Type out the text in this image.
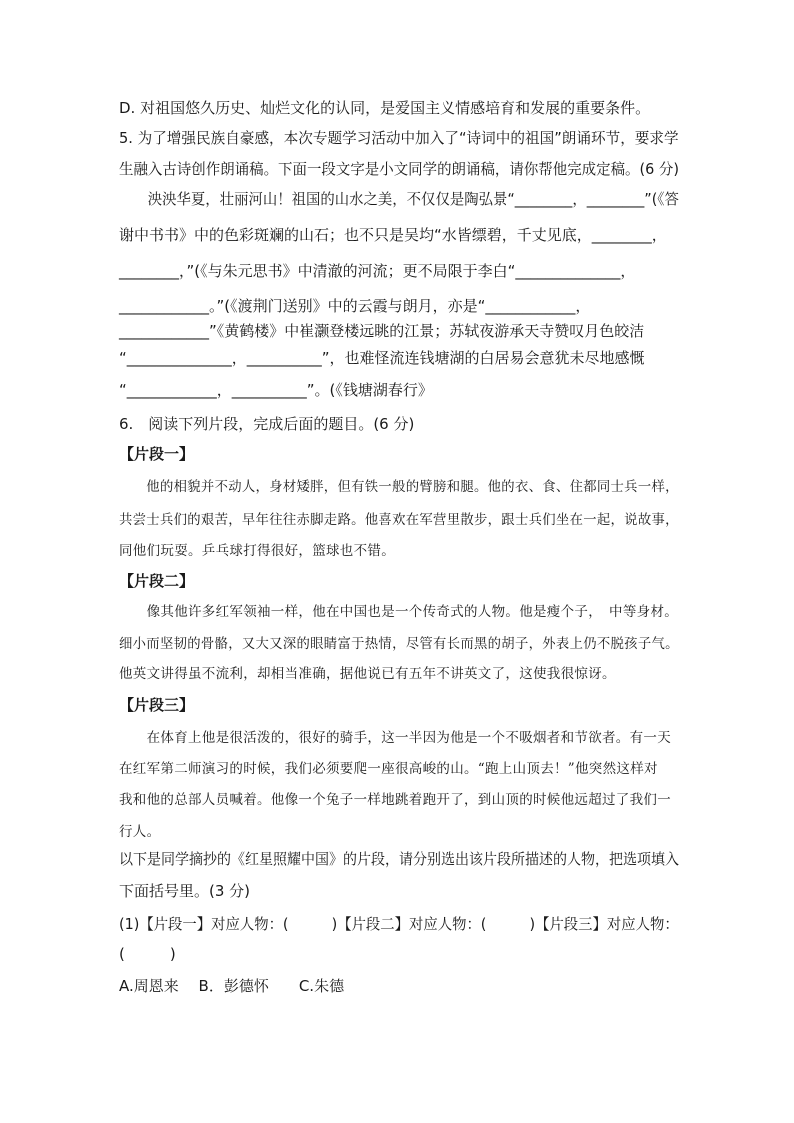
D. 对祖国悠久历史、灿烂文化的认同，是爱国主义情感培育和发展的重要条件。
5. 为了增强民族自豪感，本次专题学习活动中加入了“诗词中的祖国”朗诵环节，要求学
生融入古诗创作朗诵稿。下面一段文字是小文同学的朗诵稿，请你帮他完成定稿。(6 分)
　　泱泱华夏，壮丽河山！祖国的山水之美，不仅仅是陶弘景“________，________”(《答
谢中书书》中的色彩斑斓的山石；也不只是吴均“水皆缥碧，千丈见底，________，
________，”(《与朱元思书》中清澈的河流；更不局限于李白“______________，
____________。”(《渡荆门送别》中的云霞与朗月，亦是“____________，
____________”《黄鹤楼》中崔灏登楼远眺的江景；苏轼夜游承天寺赞叹月色皎洁
“______________，__________”，也难怪流连钱塘湖的白居易会意犹未尽地感慨
“____________，__________”。(《钱塘湖春行》
6.　阅读下列片段，完成后面的题目。(6 分)
【片段一】
　　他的相貌并不动人，身材矮胖，但有铁一般的臂膀和腿。他的衣、食、住都同士兵一样，
共尝士兵们的艰苦，早年往往赤脚走路。他喜欢在军营里散步，跟士兵们坐在一起，说故事，
同他们玩耍。乒乓球打得很好，篮球也不错。
【片段二】
　　像其他许多红军领袖一样，他在中国也是一个传奇式的人物。他是瘦个子，　中等身材。
细小而坚韧的骨骼，又大又深的眼睛富于热情，尽管有长而黑的胡子，外表上仍不脱孩子气。
他英文讲得虽不流利，却相当准确，据他说已有五年不讲英文了，这使我很惊讶。
【片段三】
　　在体育上他是很活泼的，很好的骑手，这一半因为他是一个不吸烟者和节欲者。有一天
在红军第二师演习的时候，我们必须要爬一座很高峻的山。“跑上山顶去！”他突然这样对
我和他的总部人员喊着。他像一个兔子一样地跳着跑开了，到山顶的时候他远超过了我们一
行人。
以下是同学摘抄的《红星照耀中国》的片段，请分别选出该片段所描述的人物，把选项填入
下面括号里。(3 分)
(1)【片段一】对应人物：(　　　)【片段二】对应人物：(　　　)【片段三】对应人物：
(　　　)
A.周恩来　 B．彭德怀　　C.朱德
